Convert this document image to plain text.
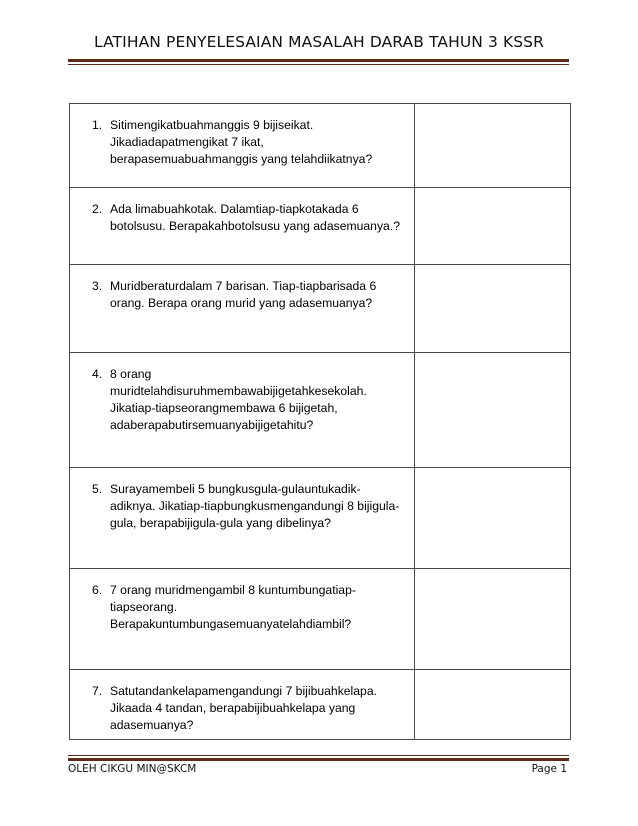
LATIHAN PENYELESAIAN MASALAH DARAB TAHUN 3 KSSR
1. Sitimengikatbuahmanggis 9 bijiseikat.
Jikadiadapatmengikat 7 ikat,
berapasemuabuahmanggis yang telahdiikatnya?	

2. Ada limabuahkotak. Dalamtiap-tiapkotakada 6
botolsusu. Berapakahbotolsusu yang adasemuanya.?	

3. Muridberaturdalam 7 barisan. Tiap-tiapbarisada 6
orang. Berapa orang murid yang adasemuanya?	

4. 8 orang
muridtelahdisuruhmembawabijigetahkesekolah.
Jikatiap-tiapseorangmembawa 6 bijigetah,
adaberapabutirsemuanyabijigetahitu?	

5. Surayamembeli 5 bungkusgula-gulauntukadik-
adiknya. Jikatiap-tiapbungkusmengandungi 8 bijigula-
gula, berapabijigula-gula yang dibelinya?	

6. 7 orang muridmengambil 8 kuntumbungatiap-
tiapseorang.
Berapakuntumbungasemuanyatelahdiambil?	

7. Satutandankelapamengandungi 7 bijibuahkelapa.
Jikaada 4 tandan, berapabijibuahkelapa yang
adasemuanya?	

OLEH CIKGU MIN@SKCM	Page 1
